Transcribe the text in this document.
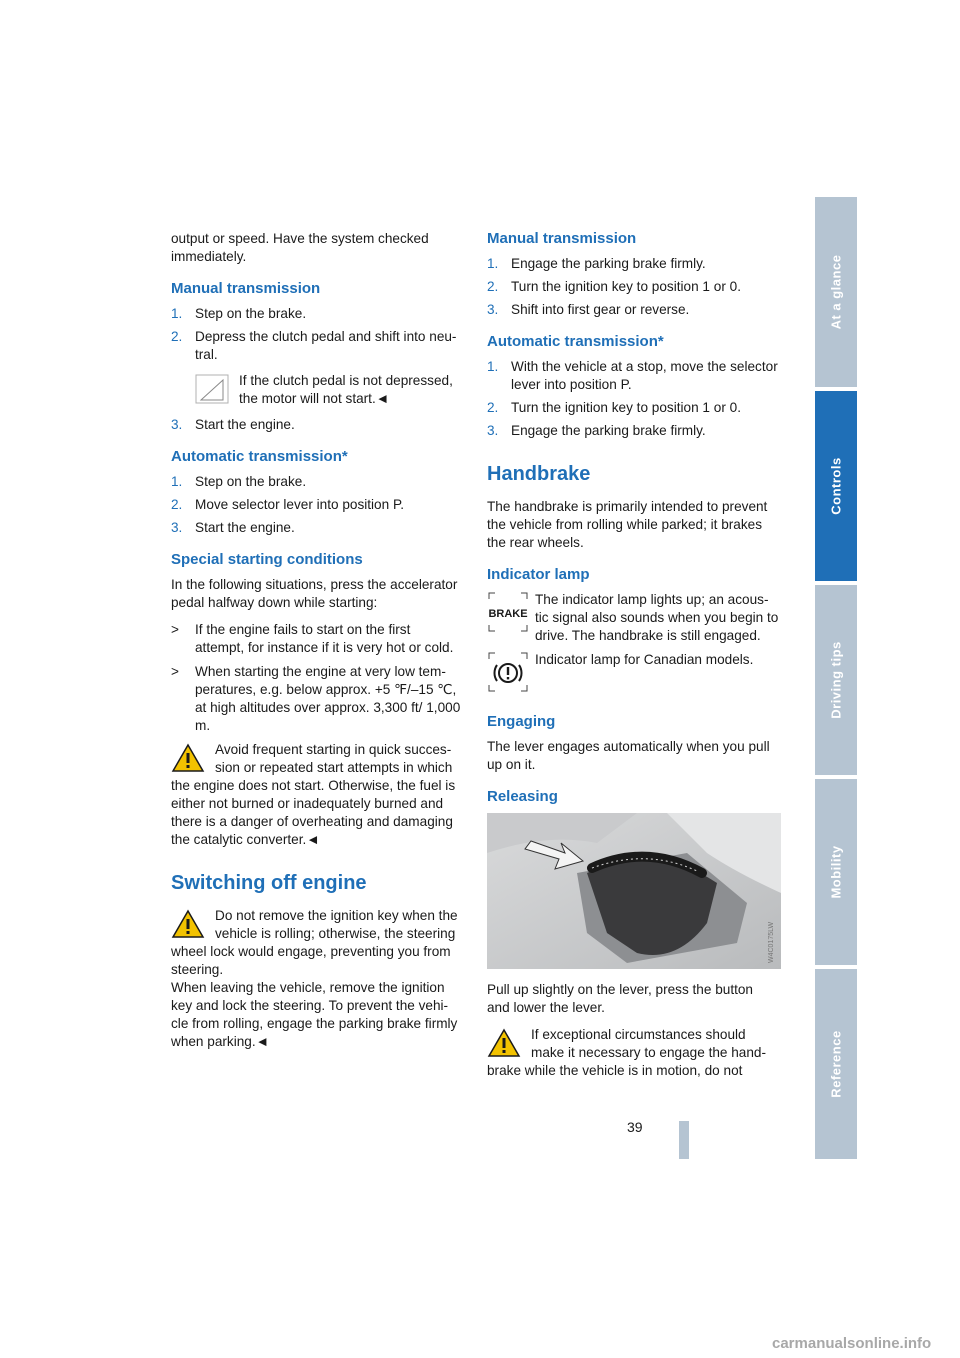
output or speed. Have the system checked immediately.

Manual transmission
1. Step on the brake.
2. Depress the clutch pedal and shift into neu-tral.
If the clutch pedal is not depressed, the motor will not start.◄
3. Start the engine.
Automatic transmission*
1. Step on the brake.
2. Move selector lever into position P.
3. Start the engine.
Special starting conditions

In the following situations, press the accelerator pedal halfway down while starting:

> If the engine fails to start on the first attempt, for instance if it is very hot or cold.
> When starting the engine at very low tem-peratures, e.g. below approx. +5 ℉/–15 ℃, at high altitudes over approx. 3,300 ft/ 1,000 m.
Avoid frequent starting in quick succes-sion or repeated start attempts in which the engine does not start. Otherwise, the fuel is either not burned or inadequately burned and there is a danger of overheating and damaging the catalytic converter.◄
Switching off engine
Do not remove the ignition key when the vehicle is rolling; otherwise, the steering wheel lock would engage, preventing you from steering.
When leaving the vehicle, remove the ignition key and lock the steering. To prevent the vehi-cle from rolling, engage the parking brake firmly when parking.◄
Manual transmission
1. Engage the parking brake firmly.
2. Turn the ignition key to position 1 or 0.
3. Shift into first gear or reverse.
Automatic transmission*
1. With the vehicle at a stop, move the selector lever into position P.
2. Turn the ignition key to position 1 or 0.
3. Engage the parking brake firmly.
Handbrake

The handbrake is primarily intended to prevent the vehicle from rolling while parked; it brakes the rear wheels.

Indicator lamp
BRAKE
The indicator lamp lights up; an acous-tic signal also sounds when you begin to drive. The handbrake is still engaged.
Indicator lamp for Canadian models.
Engaging

The lever engages automatically when you pull up on it.

Releasing
W4C0175LW

Pull up slightly on the lever, press the button and lower the lever.

If exceptional circumstances should make it necessary to engage the hand-brake while the vehicle is in motion, do not
At a glance
Controls
Driving tips
Mobility
Reference
39
carmanualsonline.info
